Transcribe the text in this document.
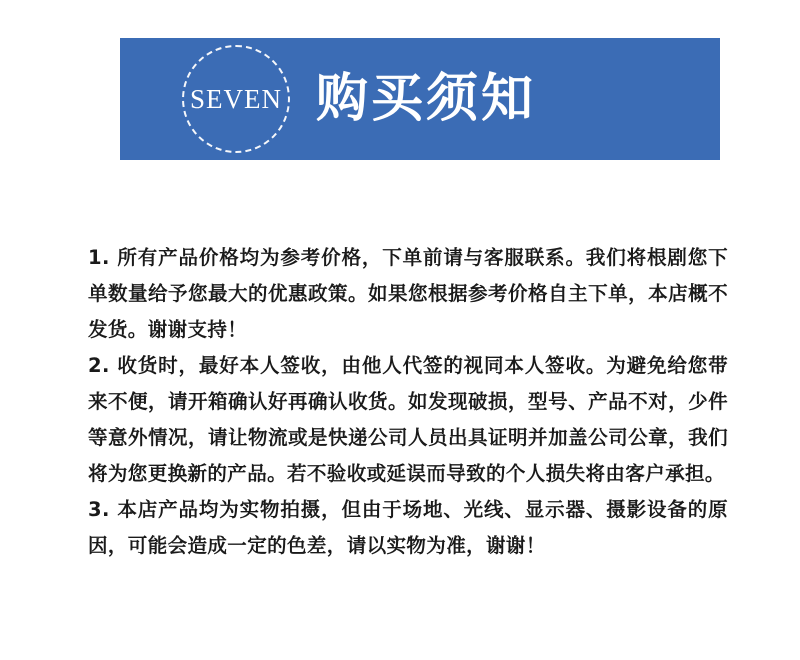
SEVEN 购买须知

1. 所有产品价格均为参考价格，下单前请与客服联系。我们将根剧您下单数量给予您最大的优惠政策。如果您根据参考价格自主下单，本店概不发货。谢谢支持！

2. 收货时，最好本人签收，由他人代签的视同本人签收。为避免给您带来不便，请开箱确认好再确认收货。如发现破损，型号、产品不对，少件等意外情况，请让物流或是快递公司人员出具证明并加盖公司公章，我们将为您更换新的产品。若不验收或延误而导致的个人损失将由客户承担。

3. 本店产品均为实物拍摄，但由于场地、光线、显示器、摄影设备的原因，可能会造成一定的色差，请以实物为准，谢谢！
